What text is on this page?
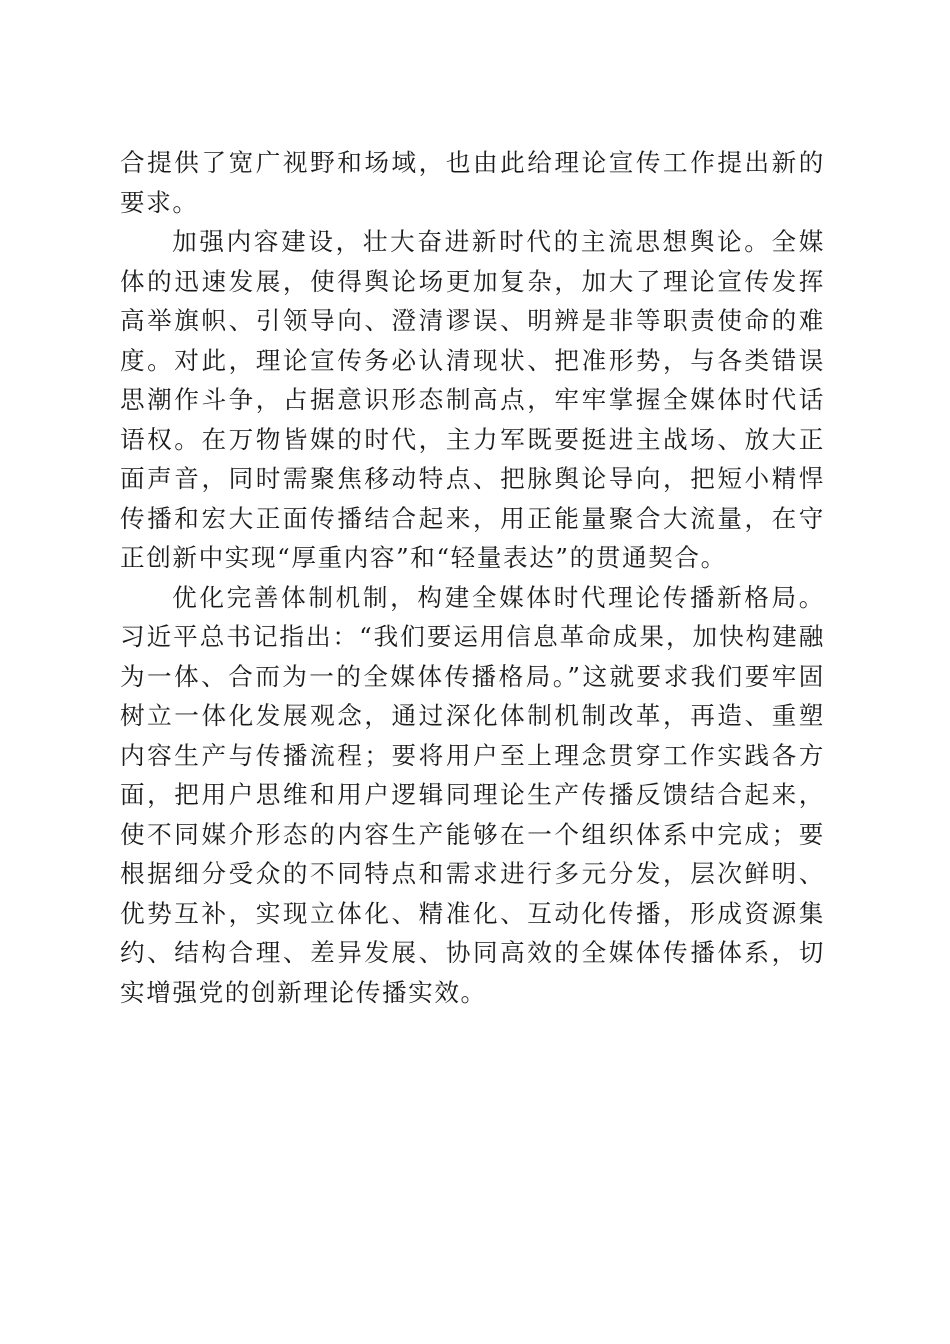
合提供了宽广视野和场域，也由此给理论宣传工作提出新的要求。

加强内容建设，壮大奋进新时代的主流思想舆论。全媒体的迅速发展，使得舆论场更加复杂，加大了理论宣传发挥高举旗帜、引领导向、澄清谬误、明辨是非等职责使命的难度。对此，理论宣传务必认清现状、把准形势，与各类错误思潮作斗争，占据意识形态制高点，牢牢掌握全媒体时代话语权。在万物皆媒的时代，主力军既要挺进主战场、放大正面声音，同时需聚焦移动特点、把脉舆论导向，把短小精悍传播和宏大正面传播结合起来，用正能量聚合大流量，在守正创新中实现“厚重内容”和“轻量表达”的贯通契合。

优化完善体制机制，构建全媒体时代理论传播新格局。习近平总书记指出：“我们要运用信息革命成果，加快构建融为一体、合而为一的全媒体传播格局。”这就要求我们要牢固树立一体化发展观念，通过深化体制机制改革，再造、重塑内容生产与传播流程；要将用户至上理念贯穿工作实践各方面，把用户思维和用户逻辑同理论生产传播反馈结合起来，使不同媒介形态的内容生产能够在一个组织体系中完成；要根据细分受众的不同特点和需求进行多元分发，层次鲜明、优势互补，实现立体化、精准化、互动化传播，形成资源集约、结构合理、差异发展、协同高效的全媒体传播体系，切实增强党的创新理论传播实效。
